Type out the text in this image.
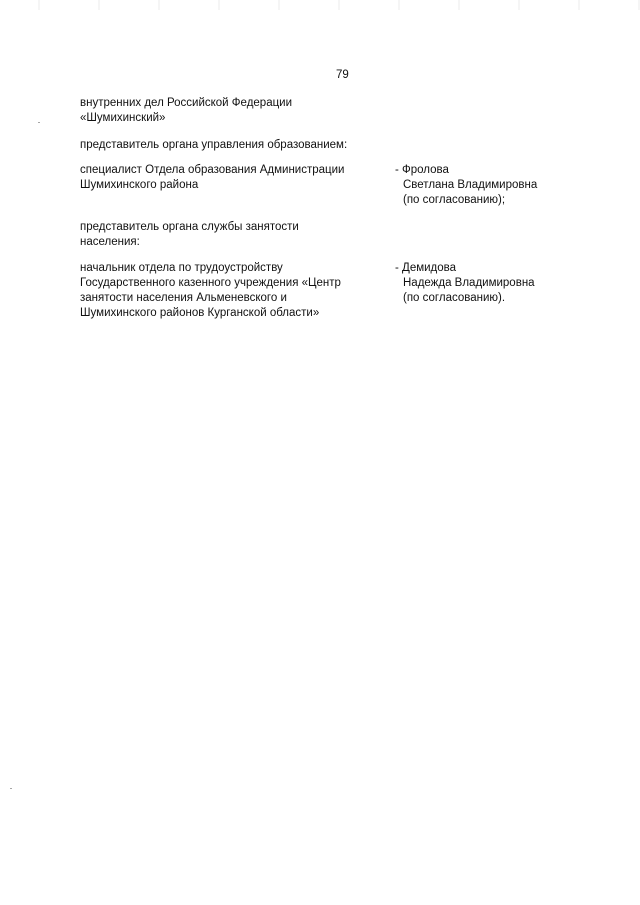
79
внутренних дел Российской Федерации
«Шумихинский»
представитель органа управления образованием:
специалист Отдела образования Администрации
Шумихинского района
- Фролова
Светлана Владимировна
(по согласованию);
представитель органа службы занятости
населения:
начальник отдела по трудоустройству
Государственного казенного учреждения «Центр
занятости населения Альменевского и
Шумихинского районов Курганской области»
- Демидова
Надежда Владимировна
(по согласованию).
